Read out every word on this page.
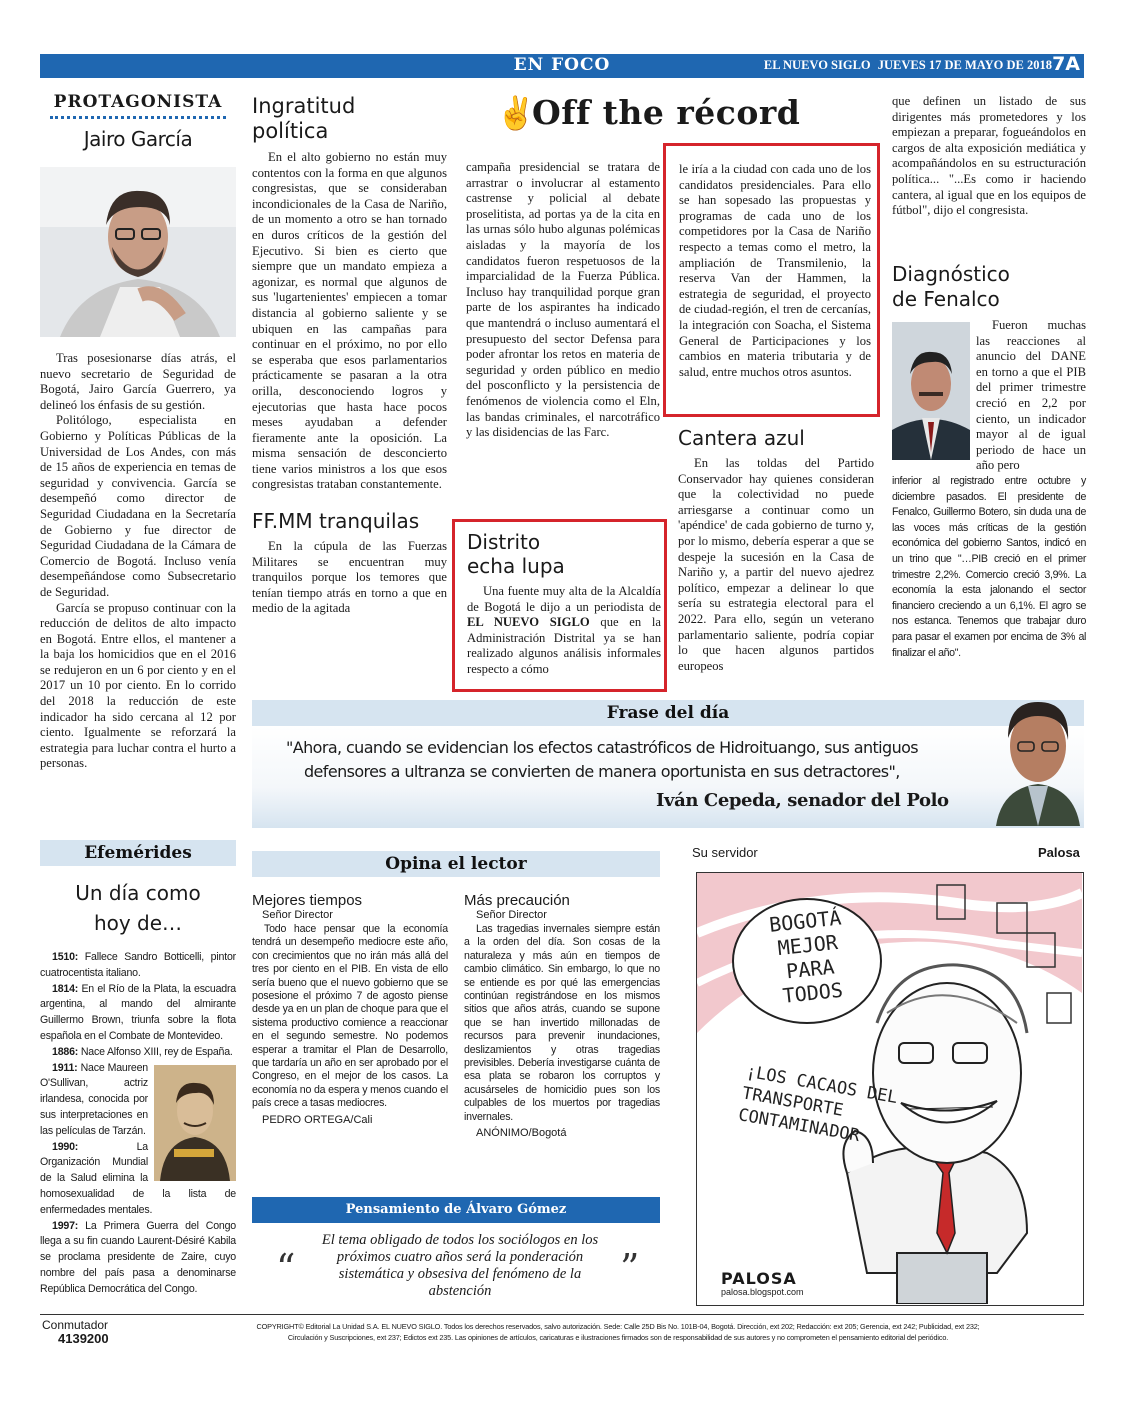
EN FOCO	EL NUEVO SIGLO JUEVES 17 DE MAYO DE 2018 7A
PROTAGONISTA
Jairo García

Tras posesionarse días atrás, el nuevo secretario de Seguridad de Bogotá, Jairo García Guerrero, ya delineó los énfasis de su gestión.

Politólogo, especialista en Gobierno y Políticas Públicas de la Universidad de Los Andes, con más de 15 años de experiencia en temas de seguridad y convivencia. García se desempeñó como director de Seguridad Ciudadana en la Secretaría de Gobierno y fue director de Seguridad Ciudadana de la Cámara de Comercio de Bogotá. Incluso venía desempeñándose como Subsecretario de Seguridad.

García se propuso continuar con la reducción de delitos de alto impacto en Bogotá. Entre ellos, el mantener a la baja los homicidios que en el 2016 se redujeron en un 6 por ciento y en el 2017 un 10 por ciento. En lo corrido del 2018 la reducción de este indicador ha sido cercana al 12 por ciento. Igualmente se reforzará la estrategia para luchar contra el hurto a personas.

Ingratitud política

En el alto gobierno no están muy contentos con la forma en que algunos congresistas, que se consideraban incondicionales de la Casa de Nariño, de un momento a otro se han tornado en duros críticos de la gestión del Ejecutivo. Si bien es cierto que siempre que un mandato empieza a agonizar, es normal que algunos de sus 'lugartenientes' empiecen a tomar distancia al gobierno saliente y se ubiquen en las campañas para continuar en el próximo, no por ello se esperaba que esos parlamentarios prácticamente se pasaran a la otra orilla, desconociendo logros y ejecutorias que hasta hace pocos meses ayudaban a defender fieramente ante la oposición. La misma sensación de desconcierto tiene varios ministros a los que esos congresistas trataban constantemente.

FF.MM tranquilas

En la cúpula de las Fuerzas Militares se encuentran muy tranquilos porque los temores que tenían tiempo atrás en torno a que en medio de la agitada

✌
Off the récord

campaña presidencial se tratara de arrastrar o involucrar al estamento castrense y policial al debate proselitista, ad portas ya de la cita en las urnas sólo hubo algunas polémicas aisladas y la mayoría de los candidatos fueron respetuosos de la imparcialidad de la Fuerza Pública. Incluso hay tranquilidad porque gran parte de los aspirantes ha indicado que mantendrá o incluso aumentará el presupuesto del sector Defensa para poder afrontar los retos en materia de seguridad y orden público en medio del posconflicto y la persistencia de fenómenos de violencia como el Eln, las bandas criminales, el narcotráfico y las disidencias de las Farc.

Distrito echa lupa

Una fuente muy alta de la Alcaldía de Bogotá le dijo a un periodista de EL NUEVO SIGLO que en la Administración Distrital ya se han realizado algunos análisis informales respecto a cómo

le iría a la ciudad con cada uno de los candidatos presidenciales. Para ello se han sopesado las propuestas y programas de cada uno de los competidores por la Casa de Nariño respecto a temas como el metro, la ampliación de Transmilenio, la reserva Van der Hammen, la estrategia de seguridad, el proyecto de ciudad-región, el tren de cercanías, la integración con Soacha, el Sistema General de Participaciones y los cambios en materia tributaria y de salud, entre muchos otros asuntos.
Cantera azul

En las toldas del Partido Conservador hay quienes consideran que la colectividad no puede arriesgarse a continuar como un 'apéndice' de cada gobierno de turno y, por lo mismo, debería esperar a que se despeje la sucesión en la Casa de Nariño y, a partir del nuevo ajedrez político, empezar a delinear lo que sería su estrategia electoral para el 2022. Para ello, según un veterano parlamentario saliente, podría copiar lo que hacen algunos partidos europeos

que definen un listado de sus dirigentes más prometedores y los empiezan a preparar, fogueándolos en cargos de alta exposición mediática y acompañándolos en su estructuración política... "...Es como ir haciendo cantera, al igual que en los equipos de fútbol", dijo el congresista.
Diagnóstico de Fenalco
Fueron muchas las reacciones al anuncio del DANE en torno a que el PIB del primer trimestre creció en 2,2 por ciento, un indicador mayor al de igual periodo de hace un año pero
inferior al registrado entre octubre y diciembre pasados. El presidente de Fenalco, Guillermo Botero, sin duda una de las voces más críticas de la gestión económica del gobierno Santos, indicó en un trino que "…PIB creció en el primer trimestre 2,2%. Comercio creció 3,9%. La economía la esta jalonando el sector financiero creciendo a un 6,1%. El agro se nos estanca. Tenemos que trabajar duro para pasar el examen por encima de 3% al finalizar el año".
Frase del día
"Ahora, cuando se evidencian los efectos catastróficos de Hidroituango, sus antiguos
defensores a ultranza se convierten de manera oportunista en sus detractores",
Iván Cepeda, senador del Polo
Efemérides
Un día como hoy de…

1510: Fallece Sandro Botticelli, pintor cuatrocentista italiano.

1814: En el Río de la Plata, la escuadra argentina, al mando del almirante Guillermo Brown, triunfa sobre la flota española en el Combate de Montevideo.

1886: Nace Alfonso XIII, rey de España.

1911: Nace Maureen O'Sullivan, actriz irlandesa, conocida por sus interpretaciones en las películas de Tarzán.

1990: La Organización Mundial de la Salud elimina la homosexualidad de la lista de enfermedades mentales.

1997: La Primera Guerra del Congo llega a su fin cuando Laurent-Désiré Kabila se proclama presidente de Zaire, cuyo nombre del país pasa a denominarse República Democrática del Congo.

Opina el lector
Mejores tiempos
Señor Director

Todo hace pensar que la economía tendrá un desempeño mediocre este año, con crecimientos que no irán más allá del tres por ciento en el PIB. En vista de ello sería bueno que el nuevo gobierno que se posesione el próximo 7 de agosto piense desde ya en un plan de choque para que el sistema productivo comience a reaccionar en el segundo semestre. No podemos esperar a tramitar el Plan de Desarrollo, que tardaría un año en ser aprobado por el Congreso, en el mejor de los casos. La economía no da espera y menos cuando el país crece a tasas mediocres.

PEDRO ORTEGA/Cali
Más precaución
Señor Director

Las tragedias invernales siempre están a la orden del día. Son cosas de la naturaleza y más aún en tiempos de cambio climático. Sin embargo, lo que no se entiende es por qué las emergencias continúan registrándose en los mismos sitios que años atrás, cuando se supone que se han invertido millonadas de recursos para prevenir inundaciones, deslizamientos y otras tragedias previsibles. Debería investigarse cuánta de esa plata se robaron los corruptos y acusárseles de homicidio pues son los culpables de los muertos por tragedias invernales.

ANÓNIMO/Bogotá
Pensamiento de Álvaro Gómez
“
El tema obligado de todos los sociólogos en los próximos cuatro años será la ponderación sistemática y obsesiva del fenómeno de la abstención
”
Su servidor	Palosa
BOGOTÁ MEJOR PARA TODOS
¡LOS CACAOS DEL TRANSPORTE CONTAMINADOR
PALOSA
palosa.blogspot.com
Conmutador
4139200
COPYRIGHT© Editorial La Unidad S.A. EL NUEVO SIGLO. Todos los derechos reservados, salvo autorización. Sede: Calle 25D Bis No. 101B-04, Bogotá. Dirección, ext 202; Redacción: ext 205; Gerencia, ext 242; Publicidad, ext 232;
Circulación y Suscripciones, ext 237; Edictos ext 235. Las opiniones de artículos, caricaturas e ilustraciones firmados son de responsabilidad de sus autores y no comprometen el pensamiento editorial del periódico.
